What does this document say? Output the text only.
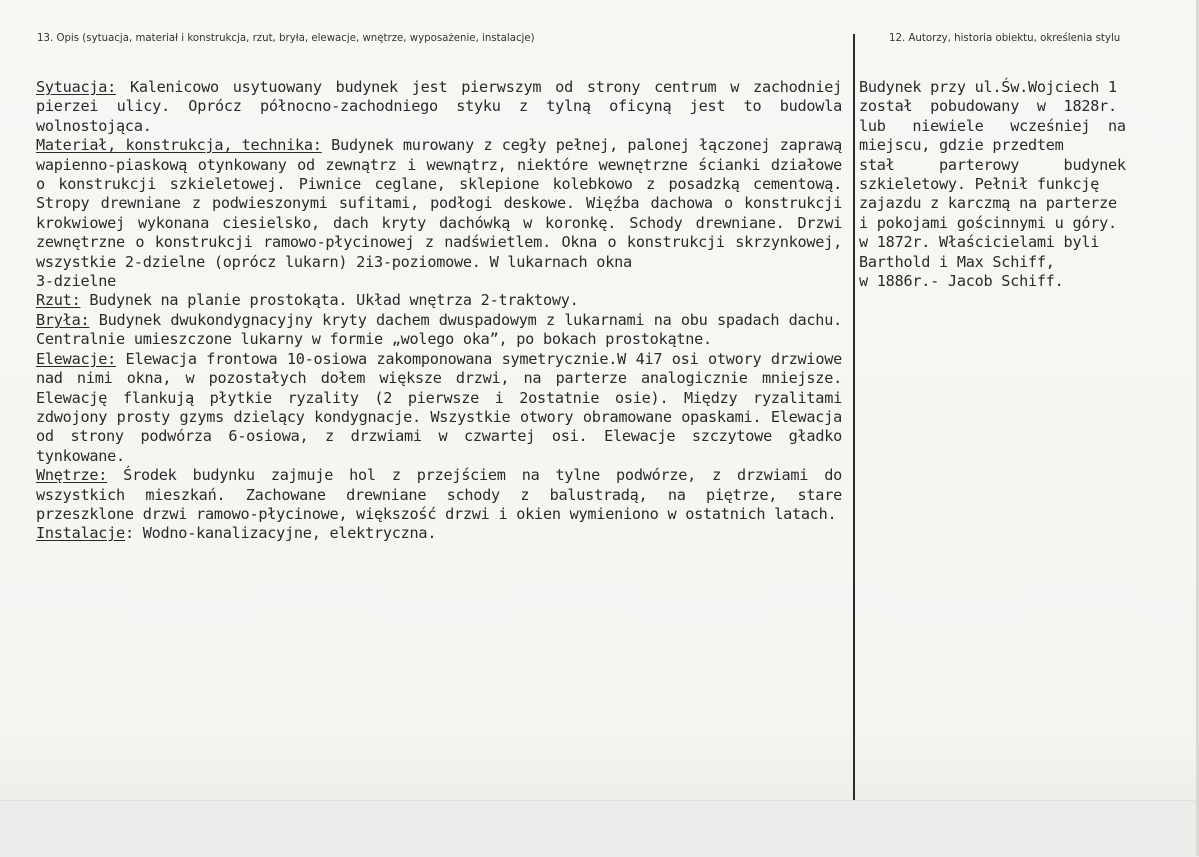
13. Opis (sytuacja, materiał i konstrukcja, rzut, bryła, elewacje, wnętrze, wyposażenie, instalacje)	12. Autorzy, historia obiektu, określenia stylu

Sytuacja: Kalenicowo usytuowany budynek jest pierwszym od strony centrum w zachodniej pierzei ulicy. Oprócz północno-zachodniego styku z tylną oficyną jest to budowla wolnostojąca.

Materiał, konstrukcja, technika: Budynek murowany z cegły pełnej, palonej łączonej zaprawą wapienno-piaskową otynkowany od zewnątrz i wewnątrz, niektóre wewnętrzne ścianki działowe o konstrukcji szkieletowej. Piwnice ceglane, sklepione kolebkowo z posadzką cementową. Stropy drewniane z podwieszonymi sufitami, podłogi deskowe. Więźba dachowa o konstrukcji krokwiowej wykonana ciesielsko, dach kryty dachówką w koronkę. Schody drewniane. Drzwi zewnętrzne o konstrukcji ramowo-płycinowej z nadświetlem. Okna o konstrukcji skrzynkowej, wszystkie 2-dzielne (oprócz lukarn) 2i3-poziomowe. W lukarnach okna

3-dzielne

Rzut: Budynek na planie prostokąta. Układ wnętrza 2-traktowy.

Bryła: Budynek dwukondygnacyjny kryty dachem dwuspadowym z lukarnami na obu spadach dachu. Centralnie umieszczone lukarny w formie „wolego oka”, po bokach prostokątne.

Elewacje: Elewacja frontowa 10-osiowa zakomponowana symetrycznie.W 4i7 osi otwory drzwiowe nad nimi okna, w pozostałych dołem większe drzwi, na parterze analogicznie mniejsze. Elewację flankują płytkie ryzality (2 pierwsze i 2ostatnie osie). Między ryzalitami zdwojony prosty gzyms dzielący kondygnacje. Wszystkie otwory obramowane opaskami. Elewacja od strony podwórza 6-osiowa, z drzwiami w czwartej osi. Elewacje szczytowe gładko tynkowane.

Wnętrze: Środek budynku zajmuje hol z przejściem na tylne podwórze, z drzwiami do wszystkich mieszkań. Zachowane drewniane schody z balustradą, na piętrze, stare przeszklone drzwi ramowo-płycinowe, większość drzwi i okien wymieniono w ostatnich latach.

Instalacje: Wodno-kanalizacyjne, elektryczna.

Budynek przy ul.Św.Wojciech 1
został  pobudowany  w  1828r.
lub   niewiele   wcześniej  na
miejscu, gdzie przedtem
stał     parterowy     budynek
szkieletowy. Pełnił funkcję
zajazdu z karczmą na parterze
i pokojami gościnnymi u góry.
w 1872r. Właścicielami byli
Barthold i Max Schiff,
w 1886r.- Jacob Schiff.
